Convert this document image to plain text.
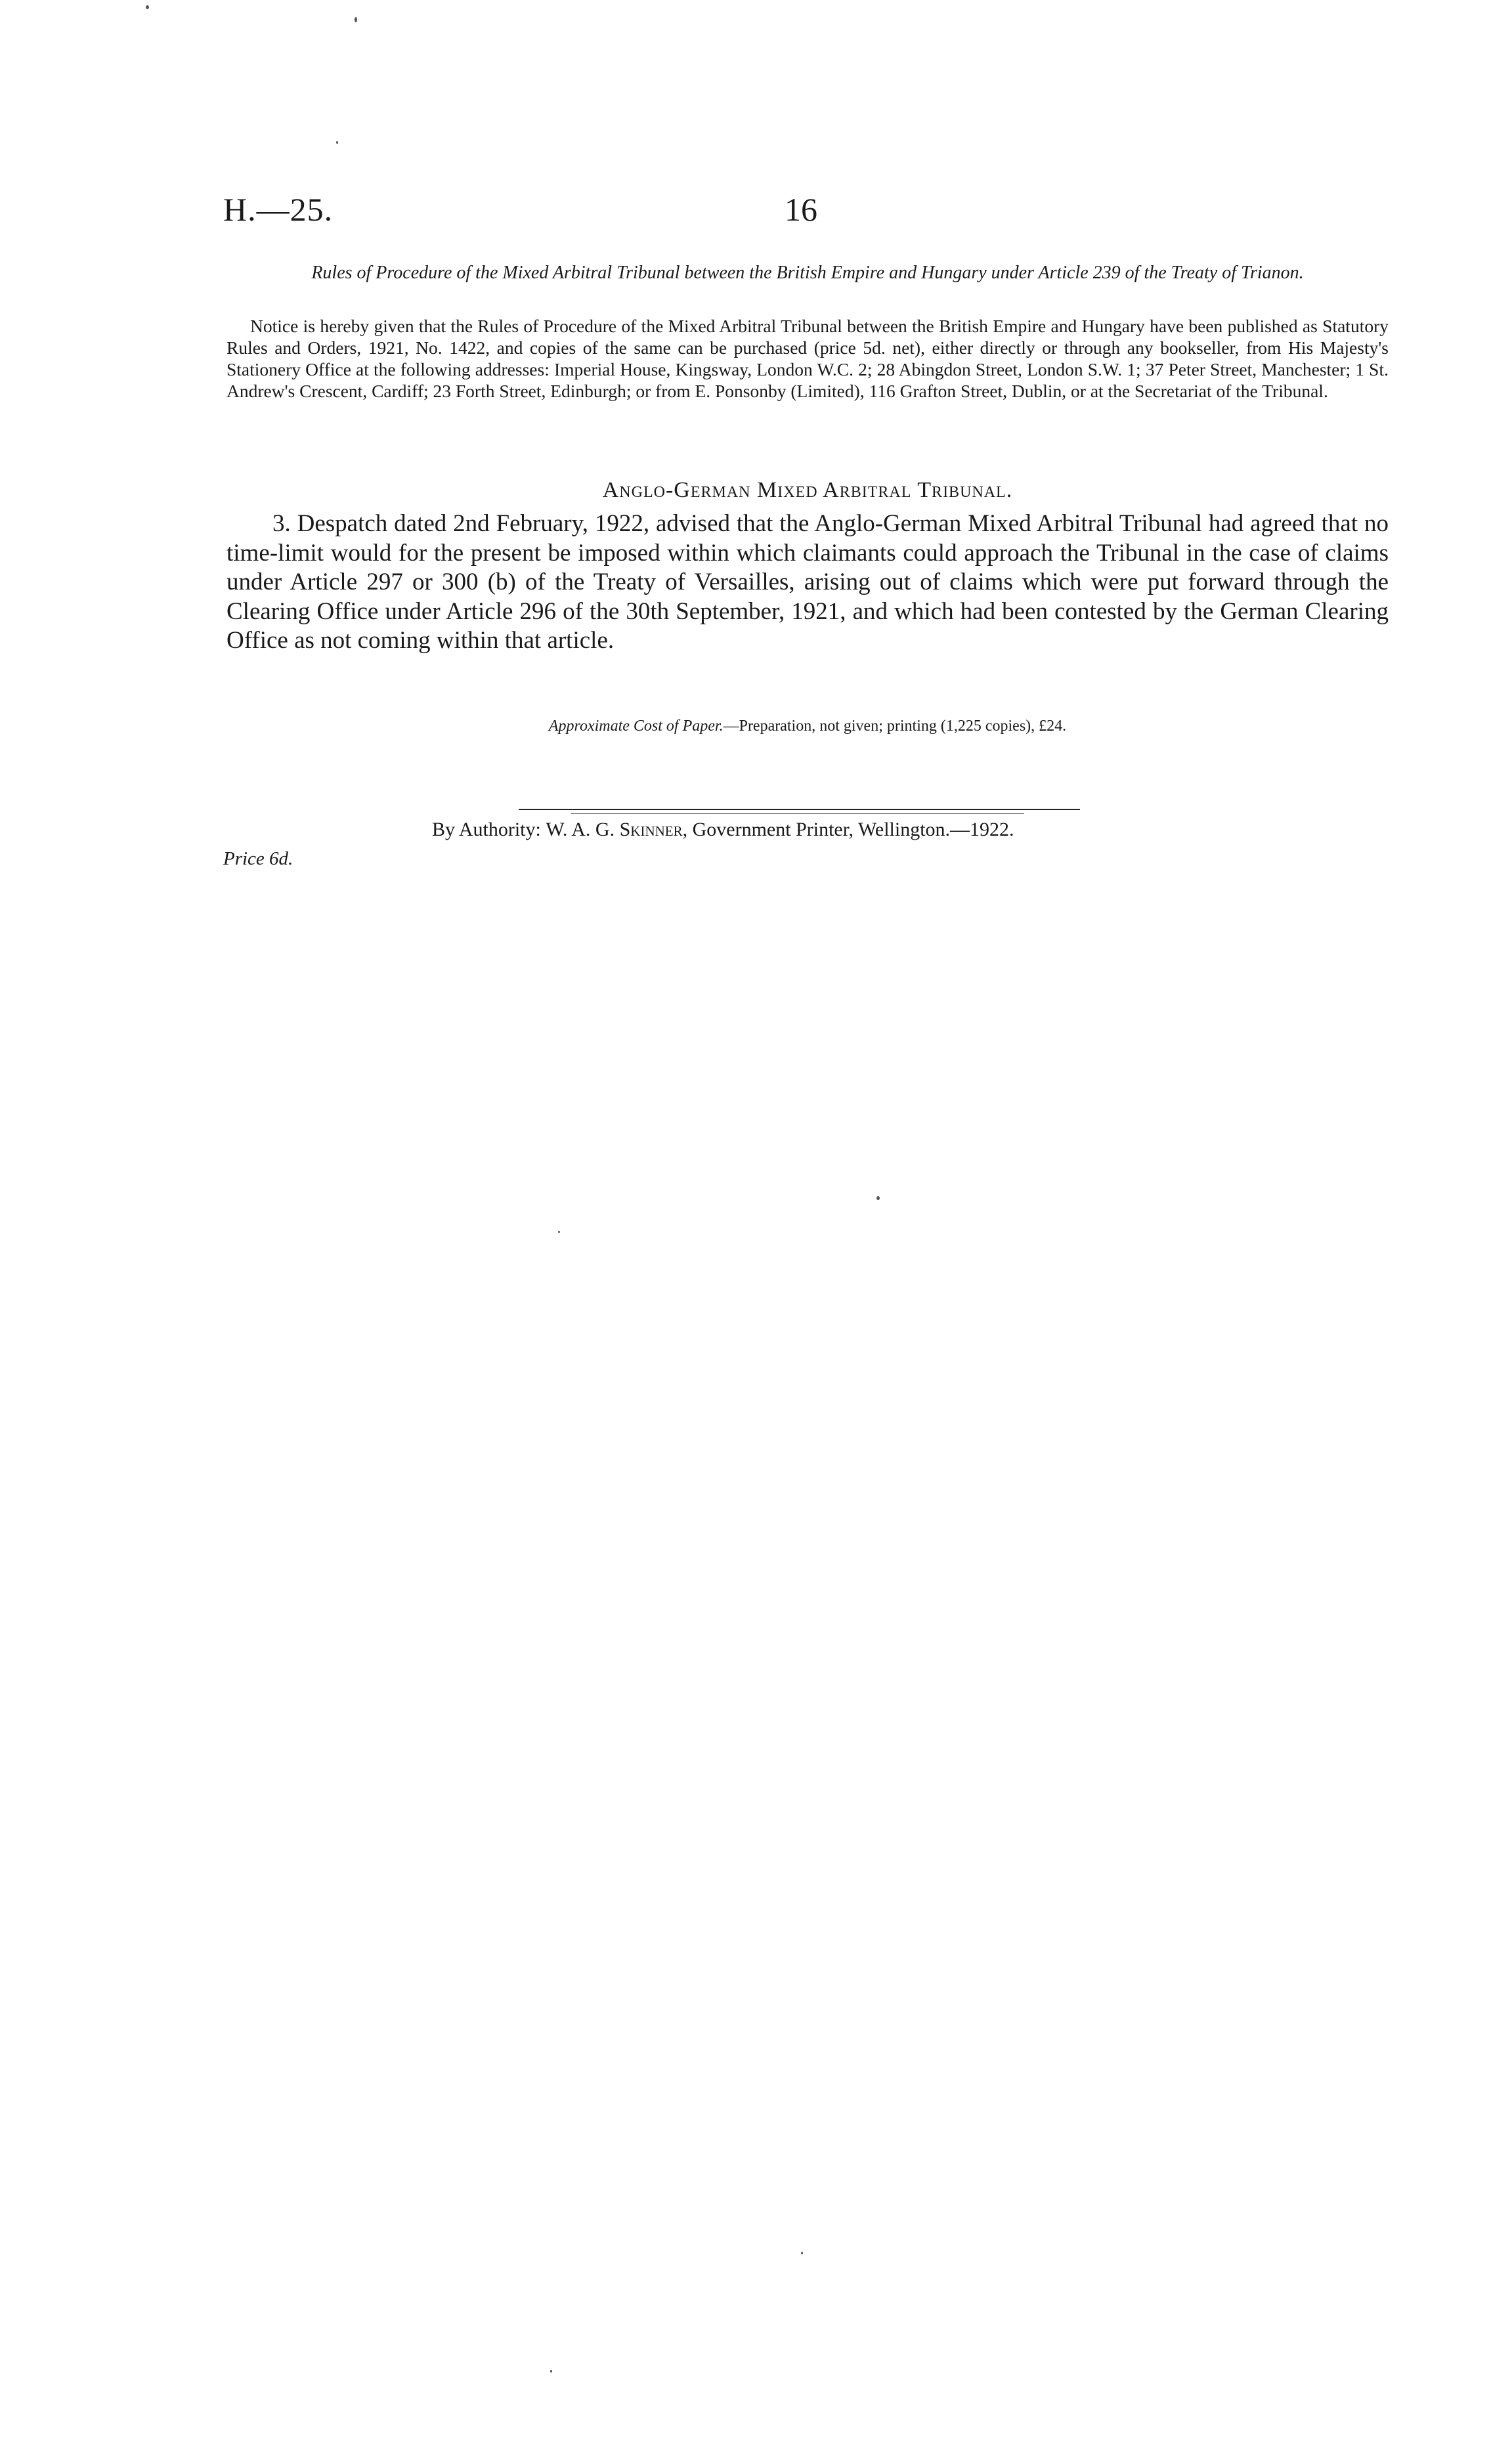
H.—25.	16
Rules of Procedure of the Mixed Arbitral Tribunal between the British Empire and Hungary under Article 239 of the Treaty of Trianon.

Notice is hereby given that the Rules of Procedure of the Mixed Arbitral Tribunal between the British Empire and Hungary have been published as Statutory Rules and Orders, 1921, No. 1422, and copies of the same can be purchased (price 5d. net), either directly or through any bookseller, from His Majesty's Stationery Office at the following addresses: Imperial House, Kingsway, London W.C. 2; 28 Abingdon Street, London S.W. 1; 37 Peter Street, Manchester; 1 St. Andrew's Crescent, Cardiff; 23 Forth Street, Edinburgh; or from E. Ponsonby (Limited), 116 Grafton Street, Dublin, or at the Secretariat of the Tribunal.

Anglo-German Mixed Arbitral Tribunal.

3. Despatch dated 2nd February, 1922, advised that the Anglo-German Mixed Arbitral Tribunal had agreed that no time-limit would for the present be imposed within which claimants could approach the Tribunal in the case of claims under Article 297 or 300 (b) of the Treaty of Versailles, arising out of claims which were put forward through the Clearing Office under Article 296 of the 30th September, 1921, and which had been contested by the German Clearing Office as not coming within that article.

Approximate Cost of Paper.—Preparation, not given; printing (1,225 copies), £24.
By Authority: W. A. G. Skinner, Government Printer, Wellington.—1922.
Price 6d.
